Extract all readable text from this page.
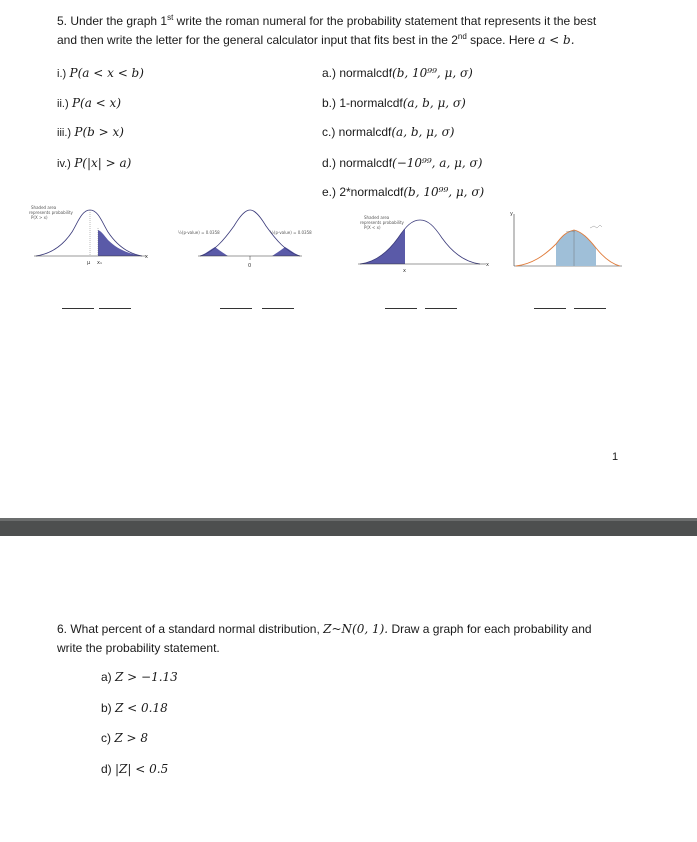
5. Under the graph 1st write the roman numeral for the probability statement that represents it the best
and then write the letter for the general calculator input that fits best in the 2nd space. Here a < b.
i.) P(a < x < b)
ii.) P(a < x)
iii.) P(b > x)
iv.) P(|x| > a)
a.) normalcdf(b, 10⁹⁹, μ, σ)
b.) 1-normalcdf(a, b, μ, σ)
c.) normalcdf(a, b, μ, σ)
d.) normalcdf(−10⁹⁹, a, μ, σ)
e.) 2*normalcdf(b, 10⁹⁹, μ, σ)
Shaded area
represents probability
P(X > x)
μ x₁
x
0
½(p-value) = 0.0358	½(p-value) = 0.0358
Shaded area
represents probability
P(X < x)
x
x
y
1
6. What percent of a standard normal distribution, Z~N(0, 1). Draw a graph for each probability and
write the probability statement.
a) Z > −1.13
b) Z < 0.18
c) Z > 8
d) |Z| < 0.5
